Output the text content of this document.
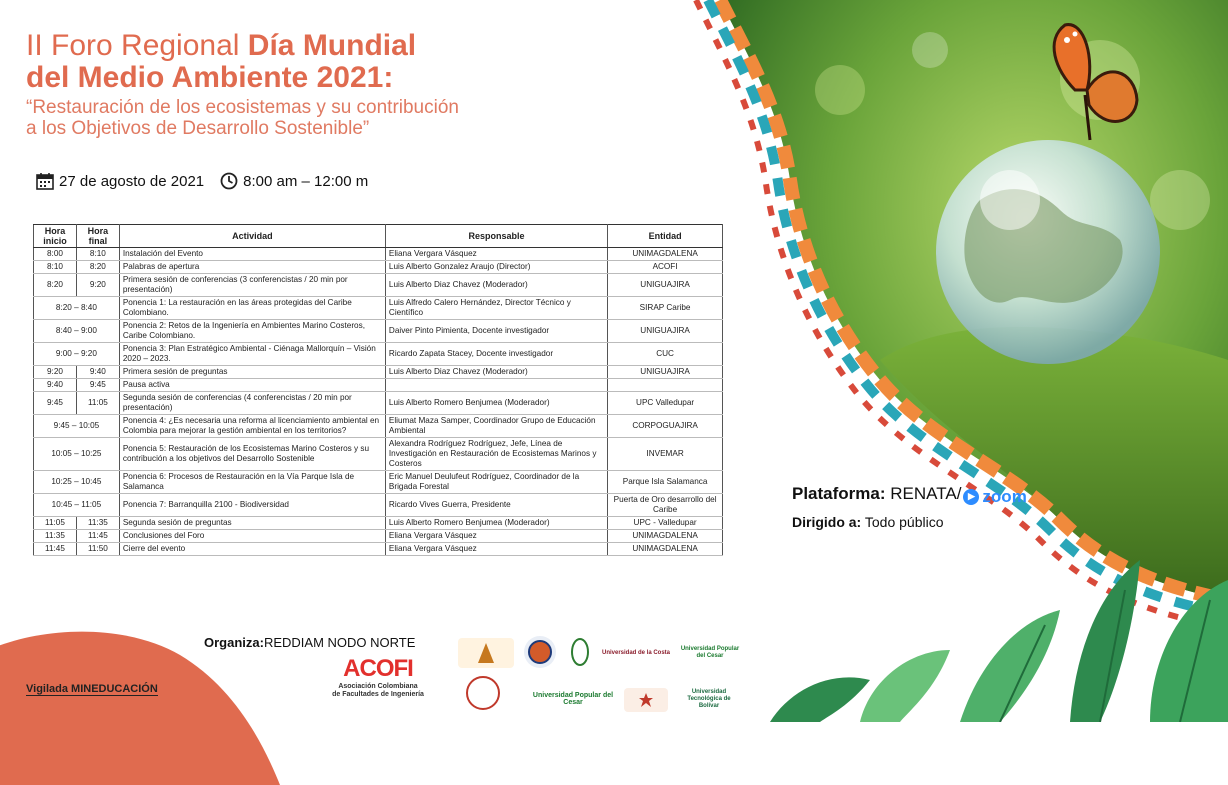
II Foro Regional Día Mundial
del Medio Ambiente 2021:
“Restauración de los ecosistemas y su contribución
a los Objetivos de Desarrollo Sostenible”
27 de agosto de 2021	8:00 am – 12:00 m
Hora inicio	Hora final	Actividad	Responsable	Entidad
8:00	8:10	Instalación del Evento	Eliana Vergara Vásquez	UNIMAGDALENA
8:10	8:20	Palabras de apertura	Luis Alberto Gonzalez Araujo (Director)	ACOFI
8:20	9:20	Primera sesión de conferencias (3 conferencistas / 20 min por presentación)	Luis Alberto Diaz Chavez (Moderador)	UNIGUAJIRA
8:20 – 8:40		Ponencia 1: La restauración en las áreas protegidas del Caribe Colombiano.	Luis Alfredo Calero Hernández, Director Técnico y Científico	SIRAP Caribe
8:40 – 9:00		Ponencia 2: Retos de la Ingeniería en Ambientes Marino Costeros, Caribe Colombiano.	Daiver Pinto Pimienta, Docente investigador	UNIGUAJIRA
9:00 – 9:20		Ponencia 3: Plan Estratégico Ambiental - Ciénaga Mallorquín – Visión 2020 – 2023.	Ricardo Zapata Stacey, Docente investigador	CUC
9:20	9:40	Primera sesión de preguntas	Luis Alberto Diaz Chavez (Moderador)	UNIGUAJIRA
9:40	9:45	Pausa activa		
9:45	11:05	Segunda sesión de conferencias (4 conferencistas / 20 min por presentación)	Luis Alberto Romero Benjumea (Moderador)	UPC Valledupar
9:45 – 10:05		Ponencia 4: ¿Es necesaria una reforma al licenciamiento ambiental en Colombia para mejorar la gestión ambiental en los territorios?	Eliumat Maza Samper, Coordinador Grupo de Educación Ambiental	CORPOGUAJIRA
10:05 – 10:25		Ponencia 5: Restauración de los Ecosistemas Marino Costeros y su contribución a los objetivos del Desarrollo Sostenible	Alexandra Rodríguez Rodríguez, Jefe, Línea de Investigación en Restauración de Ecosistemas Marinos y Costeros	INVEMAR
10:25 – 10:45		Ponencia 6: Procesos de Restauración en la Vía Parque Isla de Salamanca	Eric Manuel Deulufeut Rodríguez, Coordinador de la Brigada Forestal	Parque Isla Salamanca
10:45 – 11:05		Ponencia 7: Barranquilla 2100 - Biodiversidad	Ricardo Vives Guerra, Presidente	Puerta de Oro desarrollo del Caribe
11:05	11:35	Segunda sesión de preguntas	Luis Alberto Romero Benjumea (Moderador)	UPC - Valledupar
11:35	11:45	Conclusiones del Foro	Eliana Vergara Vásquez	UNIMAGDALENA
11:45	11:50	Cierre del evento	Eliana Vergara Vásquez	UNIMAGDALENA
Plataforma: RENATA/ ▶ zoom
Dirigido a: Todo público
Vigilada MINEDUCACIÓN
Organiza:REDDIAM NODO NORTE
ACOFI
Asociación Colombiana
de Facultades de Ingeniería
Universidad de la Costa
Universidad Popular del Cesar
Universidad Popular del Cesar
Universidad Tecnológica de Bolívar
